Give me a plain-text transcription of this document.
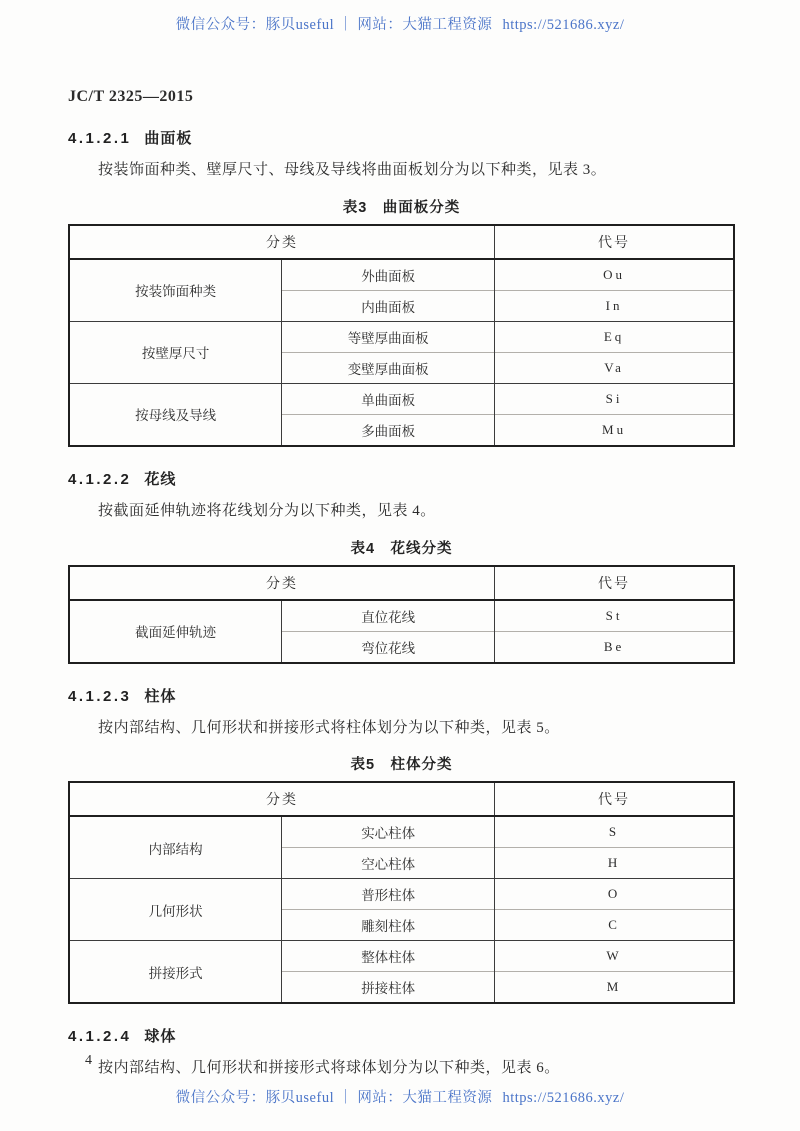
微信公众号：豚贝useful ｜ 网站：大猫工程资源 https://521686.xyz/
JC/T 2325—2015
4.1.2.1 曲面板

按装饰面种类、壁厚尺寸、母线及导线将曲面板划分为以下种类，见表 3。

表3　曲面板分类
分类		代号
按装饰面种类	外曲面板	Ou
	内曲面板	In
按壁厚尺寸	等壁厚曲面板	Eq
	变壁厚曲面板	Va
按母线及导线	单曲面板	Si
	多曲面板	Mu
4.1.2.2 花线

按截面延伸轨迹将花线划分为以下种类，见表 4。

表4　花线分类
分类		代号
截面延伸轨迹	直位花线	St
	弯位花线	Be
4.1.2.3 柱体

按内部结构、几何形状和拼接形式将柱体划分为以下种类，见表 5。

表5　柱体分类
分类		代号
内部结构	实心柱体	S
	空心柱体	H
几何形状	普形柱体	O
	雕刻柱体	C
拼接形式	整体柱体	W
	拼接柱体	M
4.1.2.4 球体

按内部结构、几何形状和拼接形式将球体划分为以下种类，见表 6。

4
微信公众号：豚贝useful ｜ 网站：大猫工程资源 https://521686.xyz/
